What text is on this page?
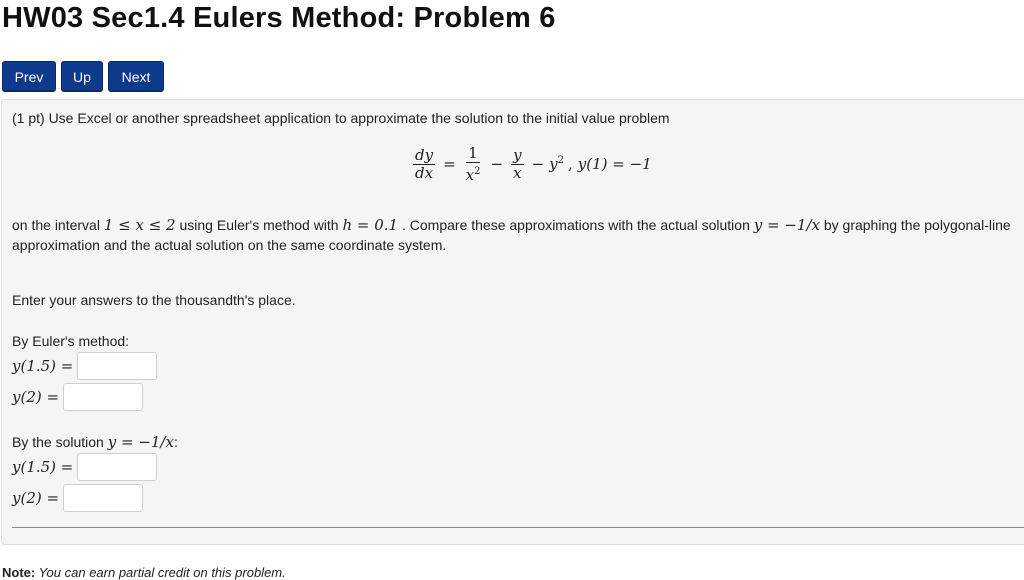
HW03 Sec1.4 Eulers Method: Problem 6
Prev	Up	Next
(1 pt) Use Excel or another spreadsheet application to approximate the solution to the initial value problem
$\frac{dy}{dx} = \frac{1}{x^2} - \frac{y}{x} - y^2$ , y(1) = −1
on the interval 1 ≤ x ≤ 2 using Euler's method with h = 0.1 . Compare these approximations with the actual solution y = −1/x by graphing the polygonal-line
approximation and the actual solution on the same coordinate system.
Enter your answers to the thousandth's place.
By Euler's method:
y(1.5) =
y(2) =
By the solution y = −1/x:
y(1.5) =
y(2) =
Note: You can earn partial credit on this problem.
